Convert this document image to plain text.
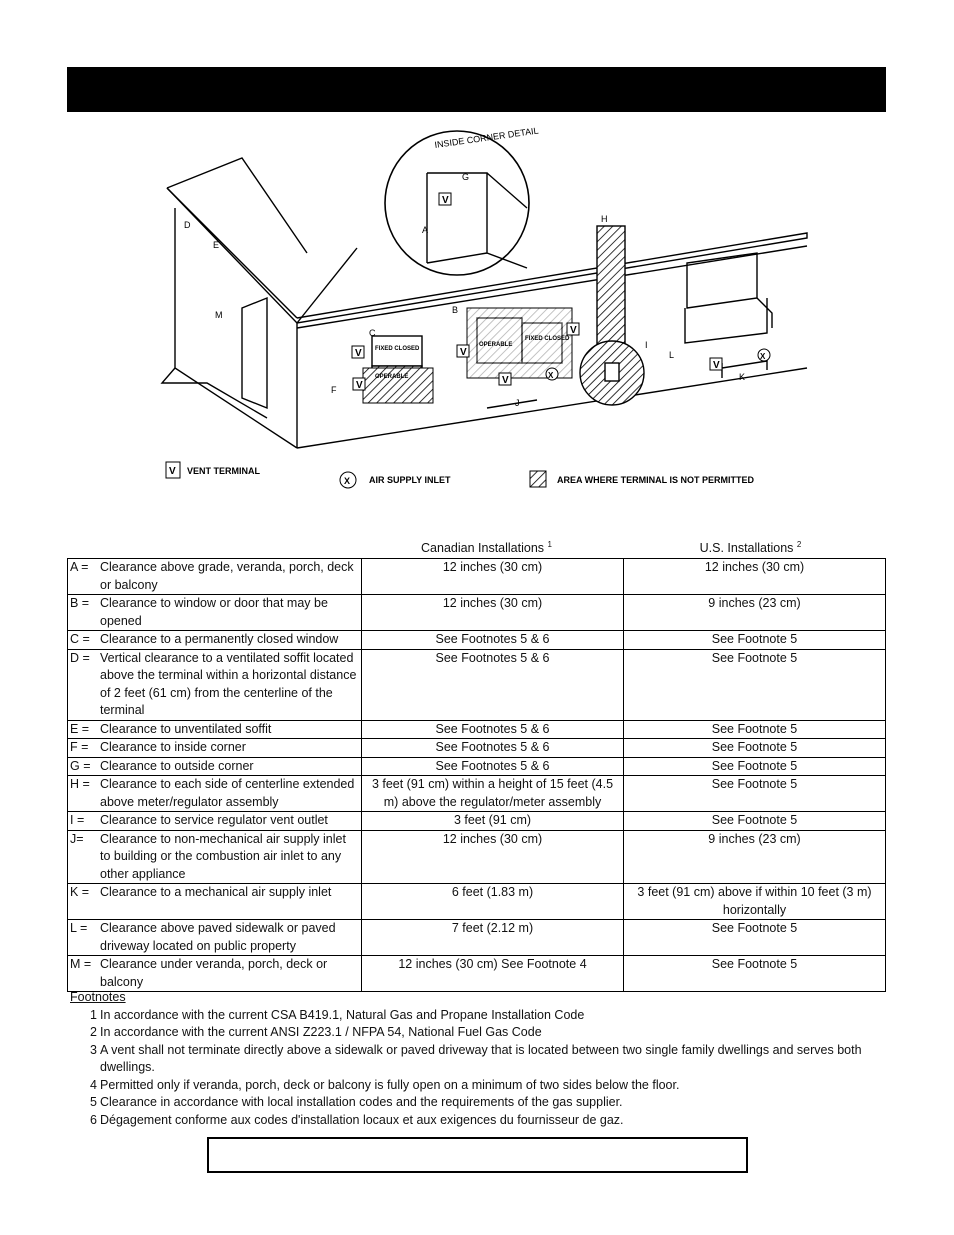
INSIDE CORNER DETAIL
V
V
V
V
V
V
V
X
X
FIXED CLOSED
OPERABLE
OPERABLE
FIXED CLOSED
A
B
C
D
E
F
G
H
I
J
K
L
M
V VENT TERMINAL
X AIR SUPPLY INLET	AREA WHERE TERMINAL IS NOT PERMITTED
Canadian Installations $^1$	U.S. Installations $^2$
A = Clearance above grade, veranda, porch, deck or balcony	12 inches (30 cm)	12 inches (30 cm)

B = Clearance to window or door that may be opened	12 inches (30 cm)	9 inches (23 cm)

C = Clearance to a permanently closed window	See Footnotes 5 & 6	See Footnote 5

D = Vertical clearance to a ventilated soffit located above the terminal within a horizontal distance of 2 feet (61 cm) from the centerline of the terminal	See Footnotes 5 & 6	See Footnote 5

E = Clearance to unventilated soffit	See Footnotes 5 & 6	See Footnote 5

F = Clearance to inside corner	See Footnotes 5 & 6	See Footnote 5

G = Clearance to outside corner	See Footnotes 5 & 6	See Footnote 5

H = Clearance to each side of centerline extended above meter/regulator assembly	3 feet (91 cm) within a height of 15 feet (4.5 m) above the regulator/meter assembly	See Footnote 5

I = Clearance to service regulator vent outlet	3 feet (91 cm)	See Footnote 5

J= Clearance to non-mechanical air supply inlet to building or the combustion air inlet to any other appliance	12 inches (30 cm)	9 inches (23 cm)

K = Clearance to a mechanical air supply inlet	6 feet (1.83 m)	3 feet (91 cm) above if within 10 feet (3 m) horizontally

L = Clearance above paved sidewalk or paved driveway located on public property	7 feet (2.12 m)	See Footnote 5

M = Clearance under veranda, porch, deck or balcony	12 inches (30 cm) See Footnote 4	See Footnote 5
Footnotes
1 In accordance with the current CSA B419.1, Natural Gas and Propane Installation Code
2 In accordance with the current ANSI Z223.1 / NFPA 54, National Fuel Gas Code
3 A vent shall not terminate directly above a sidewalk or paved driveway that is located between two single family dwellings and serves both dwellings.
4 Permitted only if veranda, porch, deck or balcony is fully open on a minimum of two sides below the floor.
5 Clearance in accordance with local installation codes and the requirements of the gas supplier.
6 Dégagement conforme aux codes d'installation locaux et aux exigences du fournisseur de gaz.
